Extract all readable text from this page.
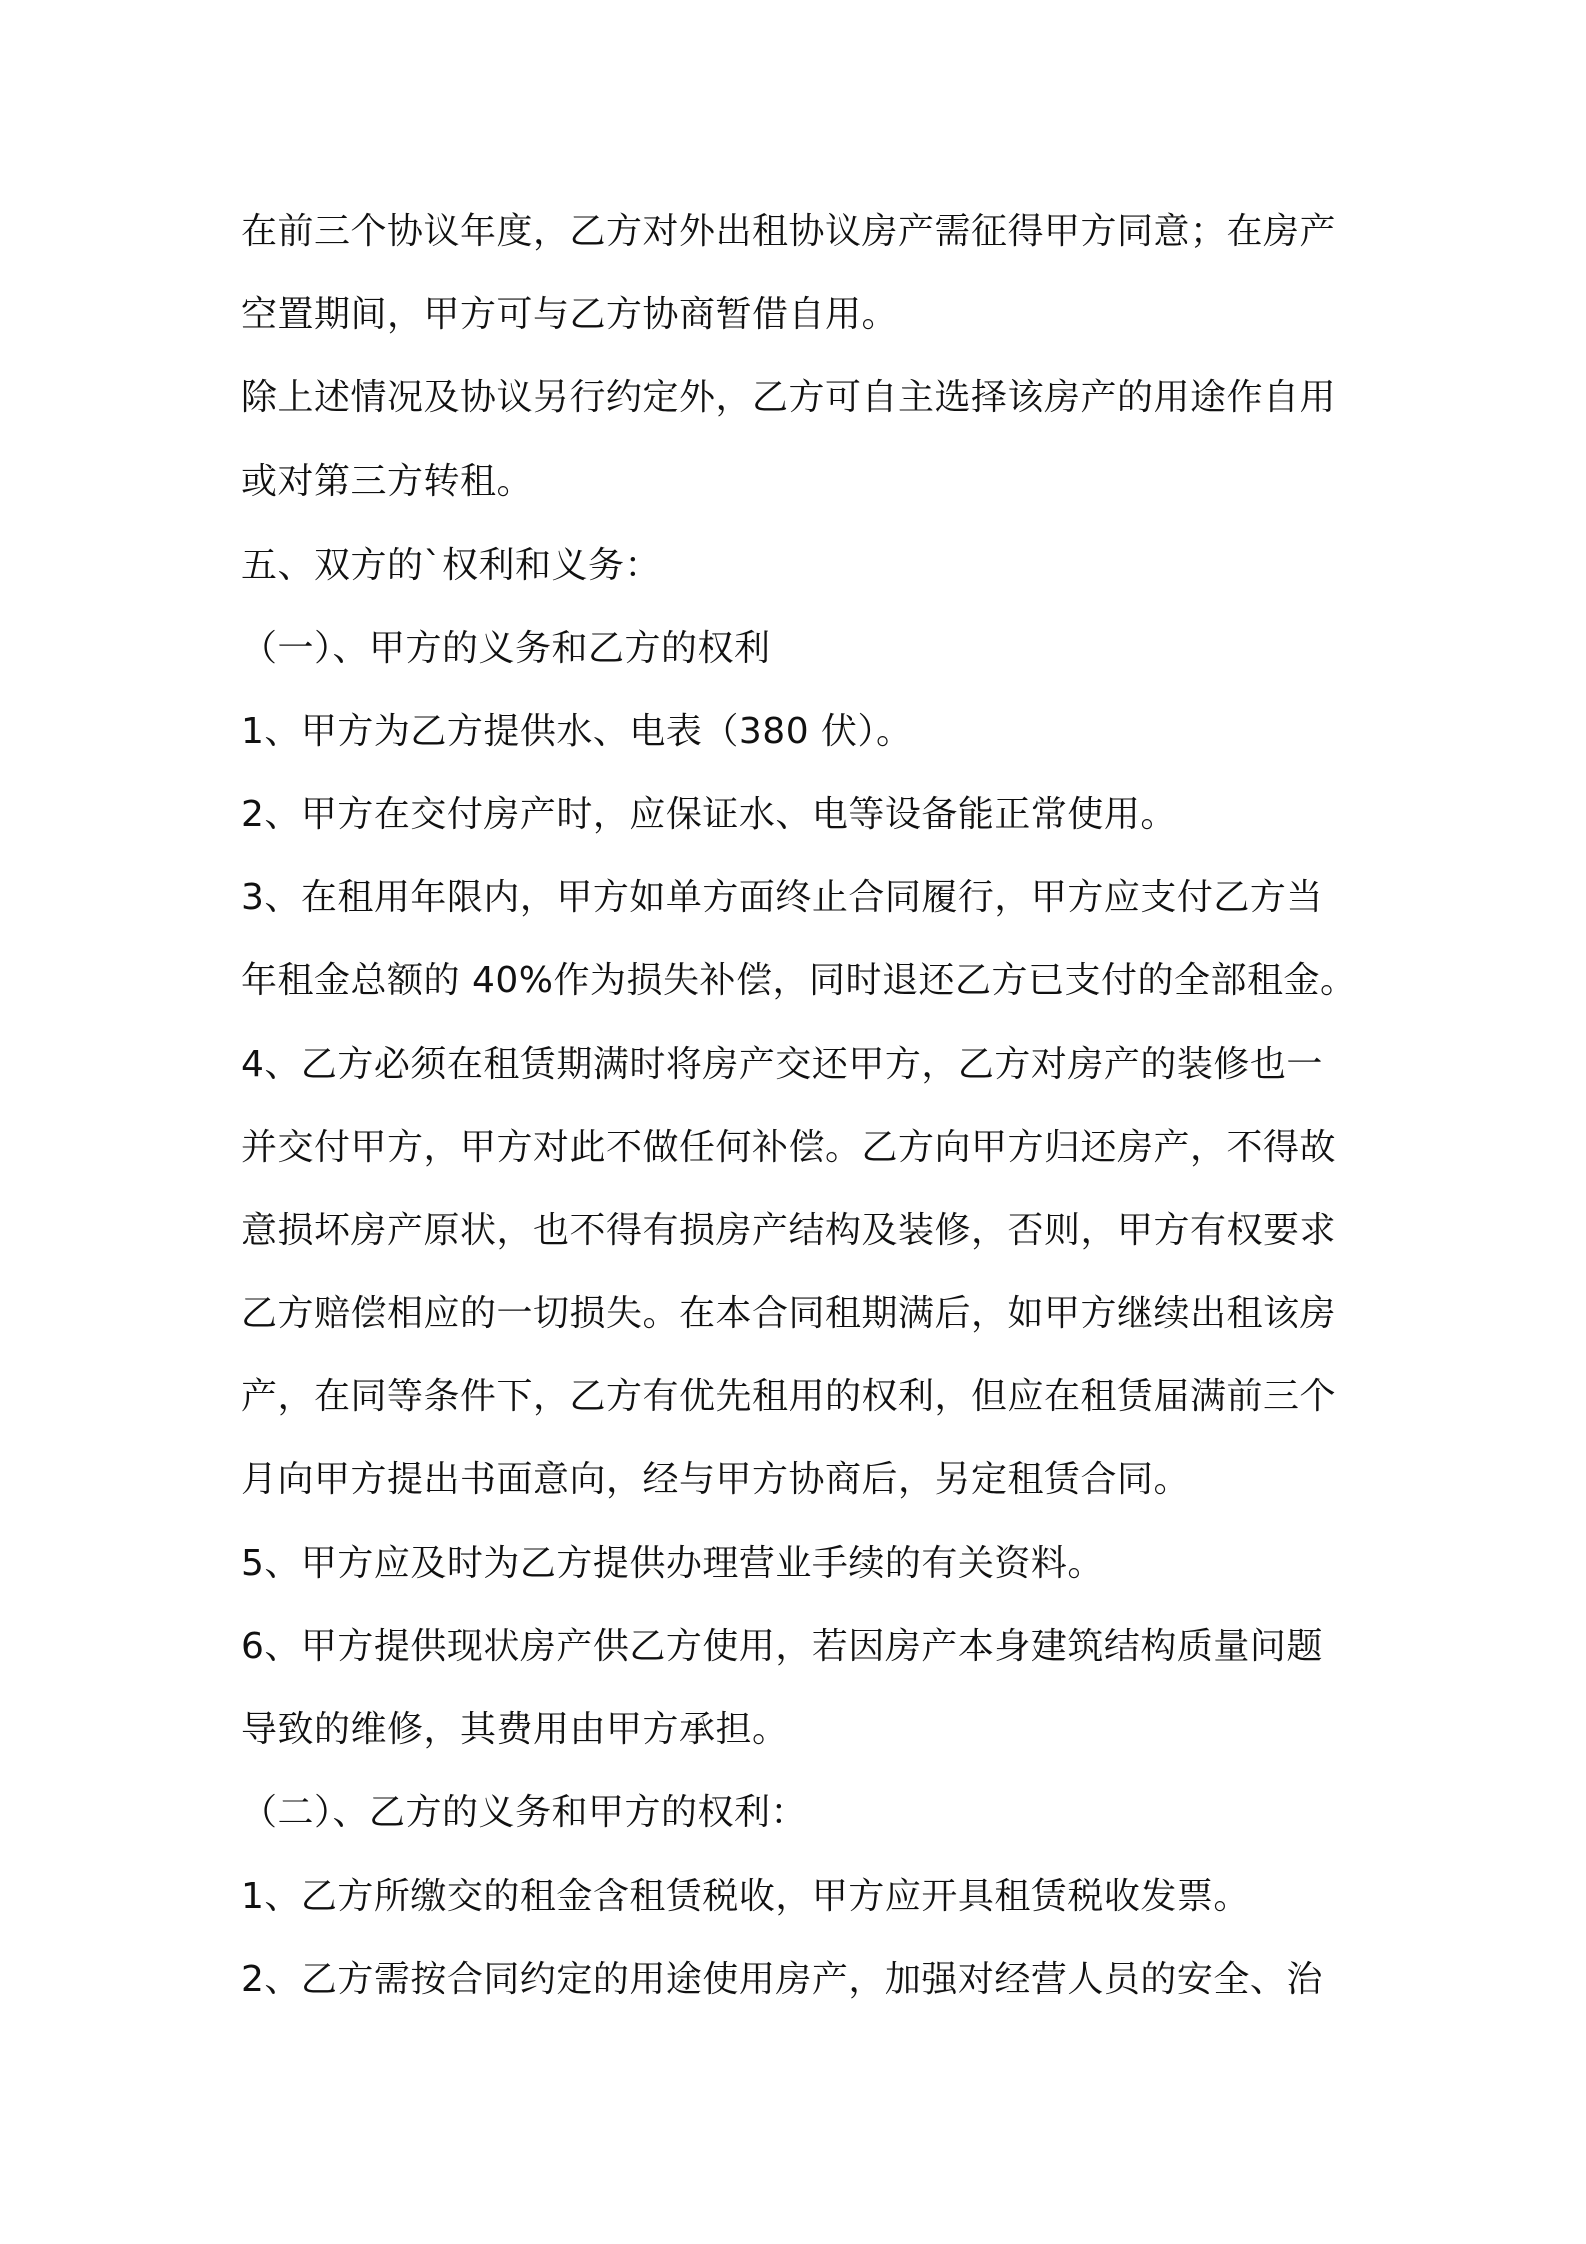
在前三个协议年度，乙方对外出租协议房产需征得甲方同意；在房产
空置期间，甲方可与乙方协商暂借自用。
除上述情况及协议另行约定外，乙方可自主选择该房产的用途作自用
或对第三方转租。
五、双方的`权利和义务：
（一）、甲方的义务和乙方的权利
1、甲方为乙方提供水、电表（380 伏）。
2、甲方在交付房产时，应保证水、电等设备能正常使用。
3、在租用年限内，甲方如单方面终止合同履行，甲方应支付乙方当
年租金总额的 40%作为损失补偿，同时退还乙方已支付的全部租金。
4、乙方必须在租赁期满时将房产交还甲方，乙方对房产的装修也一
并交付甲方，甲方对此不做任何补偿。乙方向甲方归还房产，不得故
意损坏房产原状，也不得有损房产结构及装修，否则，甲方有权要求
乙方赔偿相应的一切损失。在本合同租期满后，如甲方继续出租该房
产，在同等条件下，乙方有优先租用的权利，但应在租赁届满前三个
月向甲方提出书面意向，经与甲方协商后，另定租赁合同。
5、甲方应及时为乙方提供办理营业手续的有关资料。
6、甲方提供现状房产供乙方使用，若因房产本身建筑结构质量问题
导致的维修，其费用由甲方承担。
（二）、乙方的义务和甲方的权利：
1、乙方所缴交的租金含租赁税收，甲方应开具租赁税收发票。
2、乙方需按合同约定的用途使用房产，加强对经营人员的安全、治
